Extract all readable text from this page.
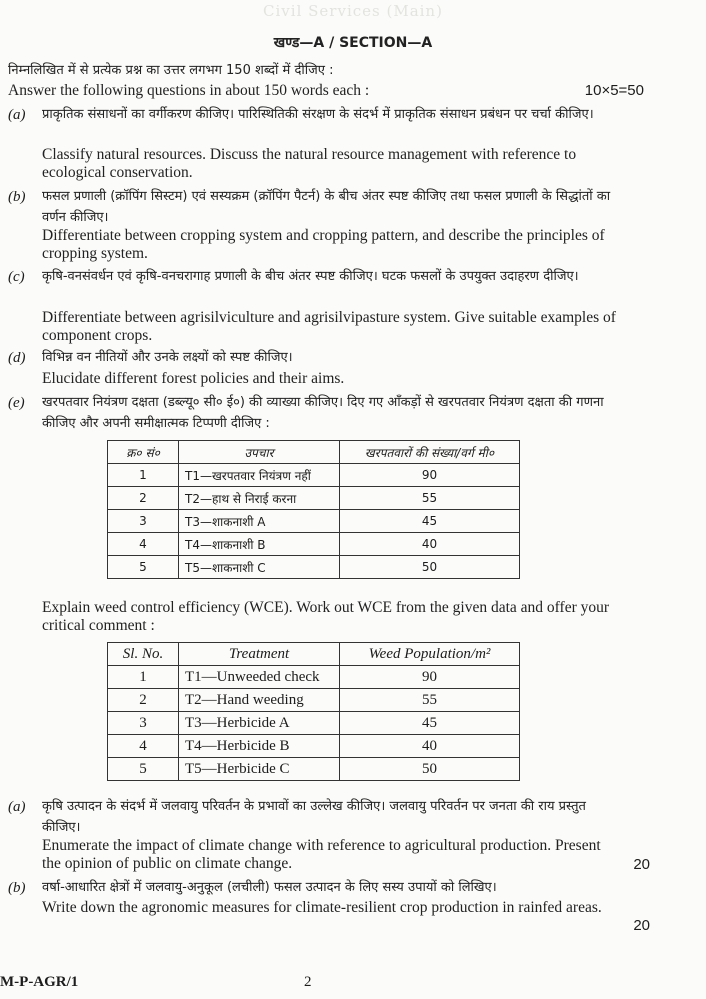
Civil Services (Main)
खण्ड—A / SECTION—A
निम्नलिखित में से प्रत्येक प्रश्न का उत्तर लगभग 150 शब्दों में दीजिए :
Answer the following questions in about 150 words each :	10×5=50
(a) प्राकृतिक संसाधनों का वर्गीकरण कीजिए। पारिस्थितिकी संरक्षण के संदर्भ में प्राकृतिक संसाधन प्रबंधन पर चर्चा कीजिए।
Classify natural resources. Discuss the natural resource management with reference to ecological conservation.
(b) फसल प्रणाली (क्रॉपिंग सिस्टम) एवं सस्यक्रम (क्रॉपिंग पैटर्न) के बीच अंतर स्पष्ट कीजिए तथा फसल प्रणाली के सिद्धांतों का वर्णन कीजिए।
Differentiate between cropping system and cropping pattern, and describe the principles of cropping system.
(c) कृषि-वनसंवर्धन एवं कृषि-वनचरागाह प्रणाली के बीच अंतर स्पष्ट कीजिए। घटक फसलों के उपयुक्त उदाहरण दीजिए।
Differentiate between agrisilviculture and agrisilvipasture system. Give suitable examples of component crops.
(d) विभिन्न वन नीतियों और उनके लक्ष्यों को स्पष्ट कीजिए।
Elucidate different forest policies and their aims.
(e) खरपतवार नियंत्रण दक्षता (डब्ल्यू० सी० ई०) की व्याख्या कीजिए। दिए गए आँकड़ों से खरपतवार नियंत्रण दक्षता की गणना कीजिए और अपनी समीक्षात्मक टिप्पणी दीजिए :
क्र० सं०	उपचार	खरपतवारों की संख्या/वर्ग मी०
1	T1—खरपतवार नियंत्रण नहीं	90
2	T2—हाथ से निराई करना	55
3	T3—शाकनाशी A	45
4	T4—शाकनाशी B	40
5	T5—शाकनाशी C	50
Explain weed control efficiency (WCE). Work out WCE from the given data and offer your critical comment :
Sl. No.	Treatment	Weed Population/m²
1	T1—Unweeded check	90
2	T2—Hand weeding	55
3	T3—Herbicide A	45
4	T4—Herbicide B	40
5	T5—Herbicide C	50
(a) कृषि उत्पादन के संदर्भ में जलवायु परिवर्तन के प्रभावों का उल्लेख कीजिए। जलवायु परिवर्तन पर जनता की राय प्रस्तुत कीजिए।
Enumerate the impact of climate change with reference to agricultural production. Present the opinion of public on climate change.	20
(b) वर्षा-आधारित क्षेत्रों में जलवायु-अनुकूल (लचीली) फसल उत्पादन के लिए सस्य उपायों को लिखिए।
Write down the agronomic measures for climate-resilient crop production in rainfed areas.
20
M-P-AGR/1	2
